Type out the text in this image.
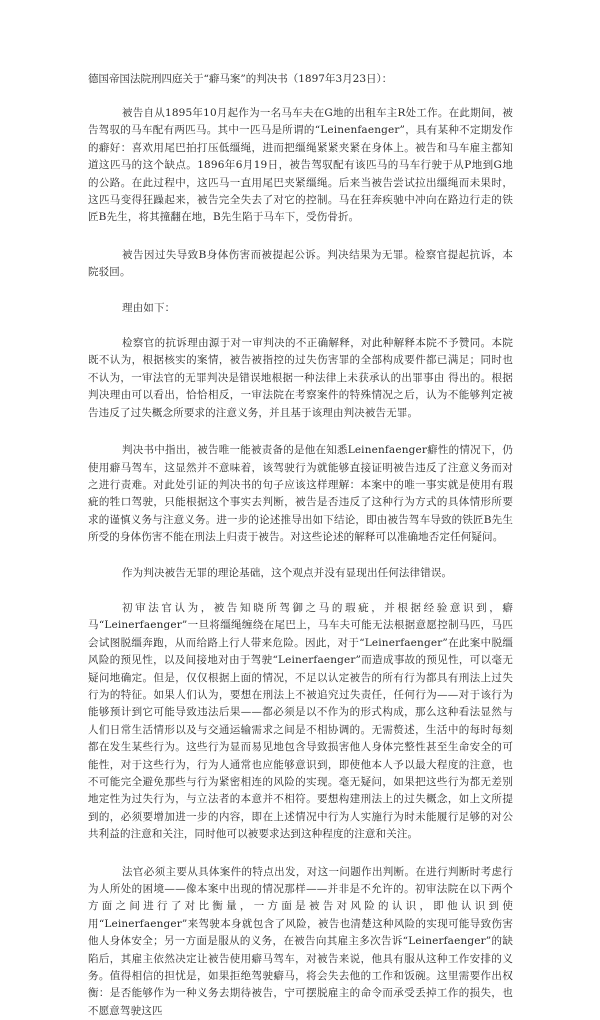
德国帝国法院刑四庭关于“癖马案”的判决书（1897年3月23日）：

被告自从1895年10月起作为一名马车夫在G地的出租车主R处工作。在此期间，被告驾驭的马车配有两匹马。其中一匹马是所谓的“Leinenfaenger”，具有某种不定期发作的癖好：喜欢用尾巴拍打压低缰绳，进而把缰绳紧紧夹紧在身体上。被告和马车雇主都知道这匹马的这个缺点。1896年6月19日，被告驾驭配有该匹马的马车行驶于从P地到G地的公路。在此过程中，这匹马一直用尾巴夹紧缰绳。后来当被告尝试拉出缰绳而未果时，这匹马变得狂躁起来，被告完全失去了对它的控制。马在狂奔疾驰中冲向在路边行走的铁匠B先生，将其撞翻在地，B先生陷于马车下，受伤骨折。

被告因过失导致B身体伤害而被提起公诉。判决结果为无罪。检察官提起抗诉，本院驳回。

理由如下：

检察官的抗诉理由源于对一审判决的不正确解释，对此种解释本院不予赞同。本院既不认为，根据核实的案情，被告被指控的过失伤害罪的全部构成要件都已满足；同时也不认为，一审法官的无罪判决是错误地根据一种法律上未获承认的出罪事由 得出的。根据判决理由可以看出，恰恰相反，一审法院在考察案件的特殊情况之后，认为不能够判定被告违反了过失概念所要求的注意义务，并且基于该理由判决被告无罪。

判决书中指出，被告唯一能被责备的是他在知悉Leinenfaenger癖性的情况下，仍使用癖马驾车，这显然并不意味着，该驾驶行为就能够直接证明被告违反了注意义务而对之进行责难。对此处引证的判决书的句子应该这样理解：本案中的唯一事实就是使用有瑕疵的牲口驾驶，只能根据这个事实去判断，被告是否违反了这种行为方式的具体情形所要求的谨慎义务与注意义务。进一步的论述推导出如下结论，即由被告驾车导致的铁匠B先生所受的身体伤害不能在刑法上归责于被告。对这些论述的解释可以准确地否定任何疑问。

作为判决被告无罪的理论基础，这个观点并没有显现出任何法律错误。

初审法官认为，被告知晓所驾御之马的瑕疵，并根据经验意识到，癖马“Leinerfaenger”一旦将缰绳缠绕在尾巴上，马车夫可能无法根据意愿控制马匹，马匹会试图脱缰奔跑，从而给路上行人带来危险。因此，对于“Leinerfaenger”在此案中脱缰风险的预见性，以及间接地对由于驾驶“Leinerfaenger”而造成事故的预见性，可以毫无疑问地确定。但是，仅仅根据上面的情况，不足以认定被告的所有行为都具有刑法上过失行为的特征。如果人们认为，要想在刑法上不被追究过失责任，任何行为——对于该行为能够预计到它可能导致违法后果——都必须是以不作为的形式构成，那么这种看法显然与人们日常生活情形以及与交通运输需求之间是不相协调的。无需赘述，生活中的每时每刻都在发生某些行为。这些行为显而易见地包含导致损害他人身体完整性甚至生命安全的可能性，对于这些行为，行为人通常也应能够意识到，即使他本人予以最大程度的注意，也不可能完全避免那些与行为紧密相连的风险的实现。毫无疑问，如果把这些行为都无差别地定性为过失行为，与立法者的本意并不相符。要想构建刑法上的过失概念，如上文所提到的，必须要增加进一步的内容，即在上述情况中行为人实施行为时未能履行足够的对公共利益的注意和关注，同时他可以被要求达到这种程度的注意和关注。

法官必须主要从具体案件的特点出发，对这一问题作出判断。在进行判断时考虑行为人所处的困境——像本案中出现的情况那样——并非是不允许的。初审法院在以下两个方面之间进行了对比衡量，一方面是被告对风险的认识，即他认识到使用“Leinerfaenger”来驾驶本身就包含了风险，被告也清楚这种风险的实现可能导致伤害他人身体安全；另一方面是服从的义务，在被告向其雇主多次告诉“Leinerfaenger”的缺陷后，其雇主依然决定让被告使用癖马驾车，对被告来说，他具有服从这种工作安排的义务。值得相信的担忧是，如果拒绝驾驶癖马，将会失去他的工作和饭碗。这里需要作出权衡：是否能够作为一种义务去期待被告，宁可摆脱雇主的命令而承受丢掉工作的损失，也不愿意驾驶这匹
